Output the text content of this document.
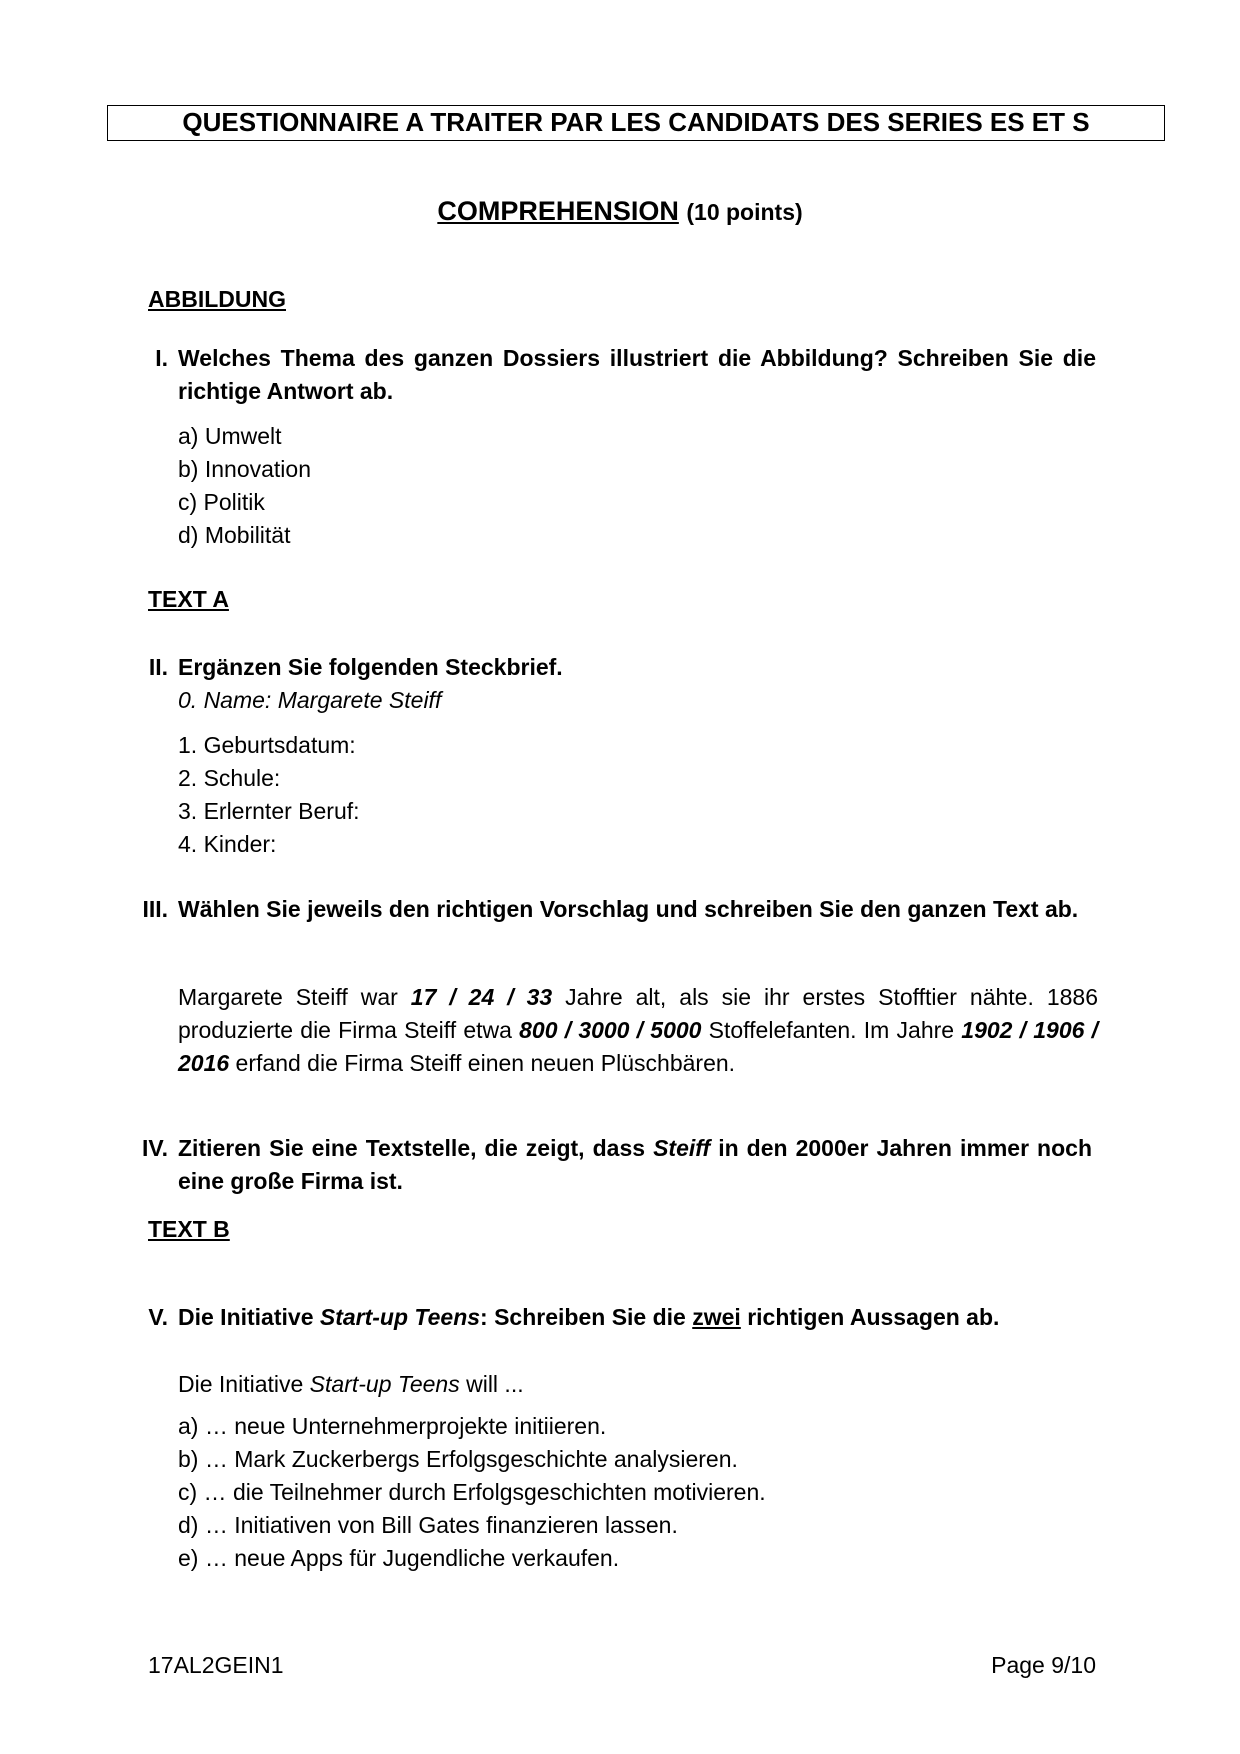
QUESTIONNAIRE A TRAITER PAR LES CANDIDATS DES SERIES ES ET S
COMPREHENSION (10 points)
ABBILDUNG
I. Welches Thema des ganzen Dossiers illustriert die Abbildung? Schreiben Sie die richtige Antwort ab.
a) Umwelt
b) Innovation
c) Politik
d) Mobilität
TEXT A
II. Ergänzen Sie folgenden Steckbrief.
0. Name: Margarete Steiff
1. Geburtsdatum:
2. Schule:
3. Erlernter Beruf:
4. Kinder:
III. Wählen Sie jeweils den richtigen Vorschlag und schreiben Sie den ganzen Text ab.
Margarete Steiff war 17 / 24 / 33 Jahre alt, als sie ihr erstes Stofftier nähte. 1886 produzierte die Firma Steiff etwa 800 / 3000 / 5000 Stoffelefanten. Im Jahre 1902 / 1906 / 2016 erfand die Firma Steiff einen neuen Plüschbären.
IV. Zitieren Sie eine Textstelle, die zeigt, dass Steiff in den 2000er Jahren immer noch eine große Firma ist.
TEXT B
V. Die Initiative Start-up Teens: Schreiben Sie die zwei richtigen Aussagen ab.
Die Initiative Start-up Teens will ...
a) … neue Unternehmerprojekte initiieren.
b) … Mark Zuckerbergs Erfolgsgeschichte analysieren.
c) … die Teilnehmer durch Erfolgsgeschichten motivieren.
d) … Initiativen von Bill Gates finanzieren lassen.
e) … neue Apps für Jugendliche verkaufen.
17AL2GEIN1	Page 9/10
